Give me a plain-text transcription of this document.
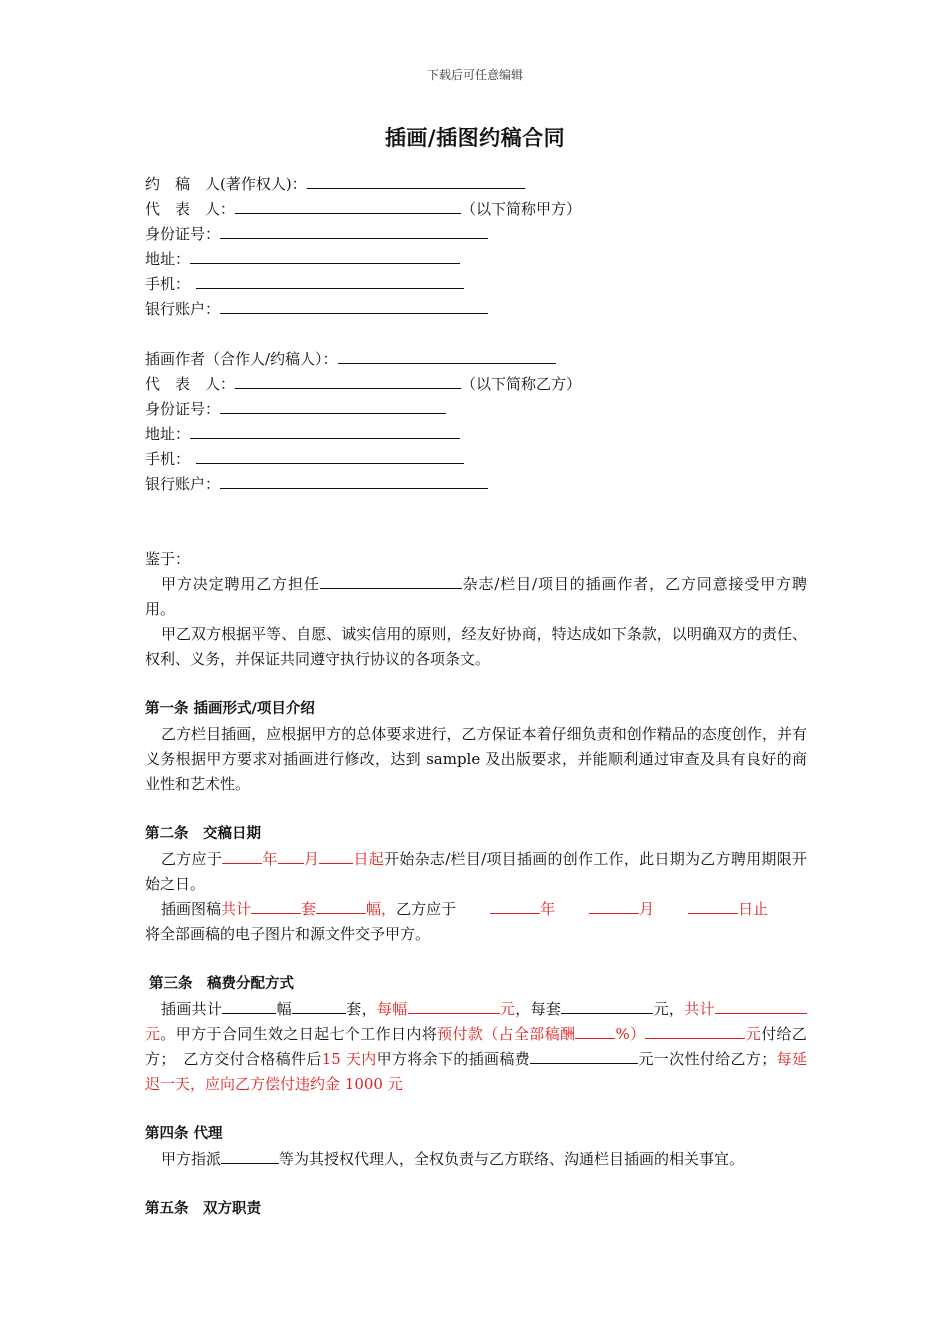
下载后可任意编辑
插画/插图约稿合同
约　稿　人(著作权人)：
代　表　人：	（以下简称甲方）
身份证号：
地址：
手机：
银行账户：
插画作者（合作人/约稿人）：
代　表　人：	（以下简称乙方）
身份证号：
地址：
手机：
银行账户：
鉴于：
甲方决定聘用乙方担任	杂志/栏目/项目的插画作者，乙方同意接受甲方聘用。
甲乙双方根据平等、自愿、诚实信用的原则，经友好协商，特达成如下条款，以明确双方的责任、权利、义务，并保证共同遵守执行协议的各项条文。
第一条 插画形式/项目介绍
乙方栏目插画，应根据甲方的总体要求进行，乙方保证本着仔细负责和创作精品的态度创作，并有义务根据甲方要求对插画进行修改，达到 sample 及出版要求，并能顺利通过审查及具有良好的商业性和艺术性。
第二条　交稿日期
乙方应于	年 月 日起开始杂志/栏目/项目插画的创作工作，此日期为乙方聘用期限开始之日。
插画图稿共计	套	幅，乙方应于	年	月	日止
将全部画稿的电子图片和源文件交予甲方。
第三条　稿费分配方式
插画共计	幅	套，每幅	元，每套	元，共计元。甲方于合同生效之日起七个工作日内将预付款（占全部稿酬	%）	元付给乙方；　乙方交付合格稿件后15 天内甲方将余下的插画稿费	元一次性付给乙方；每延迟一天，应向乙方偿付违约金 1000 元
第四条 代理
甲方指派	等为其授权代理人，全权负责与乙方联络、沟通栏目插画的相关事宜。
第五条　双方职责
